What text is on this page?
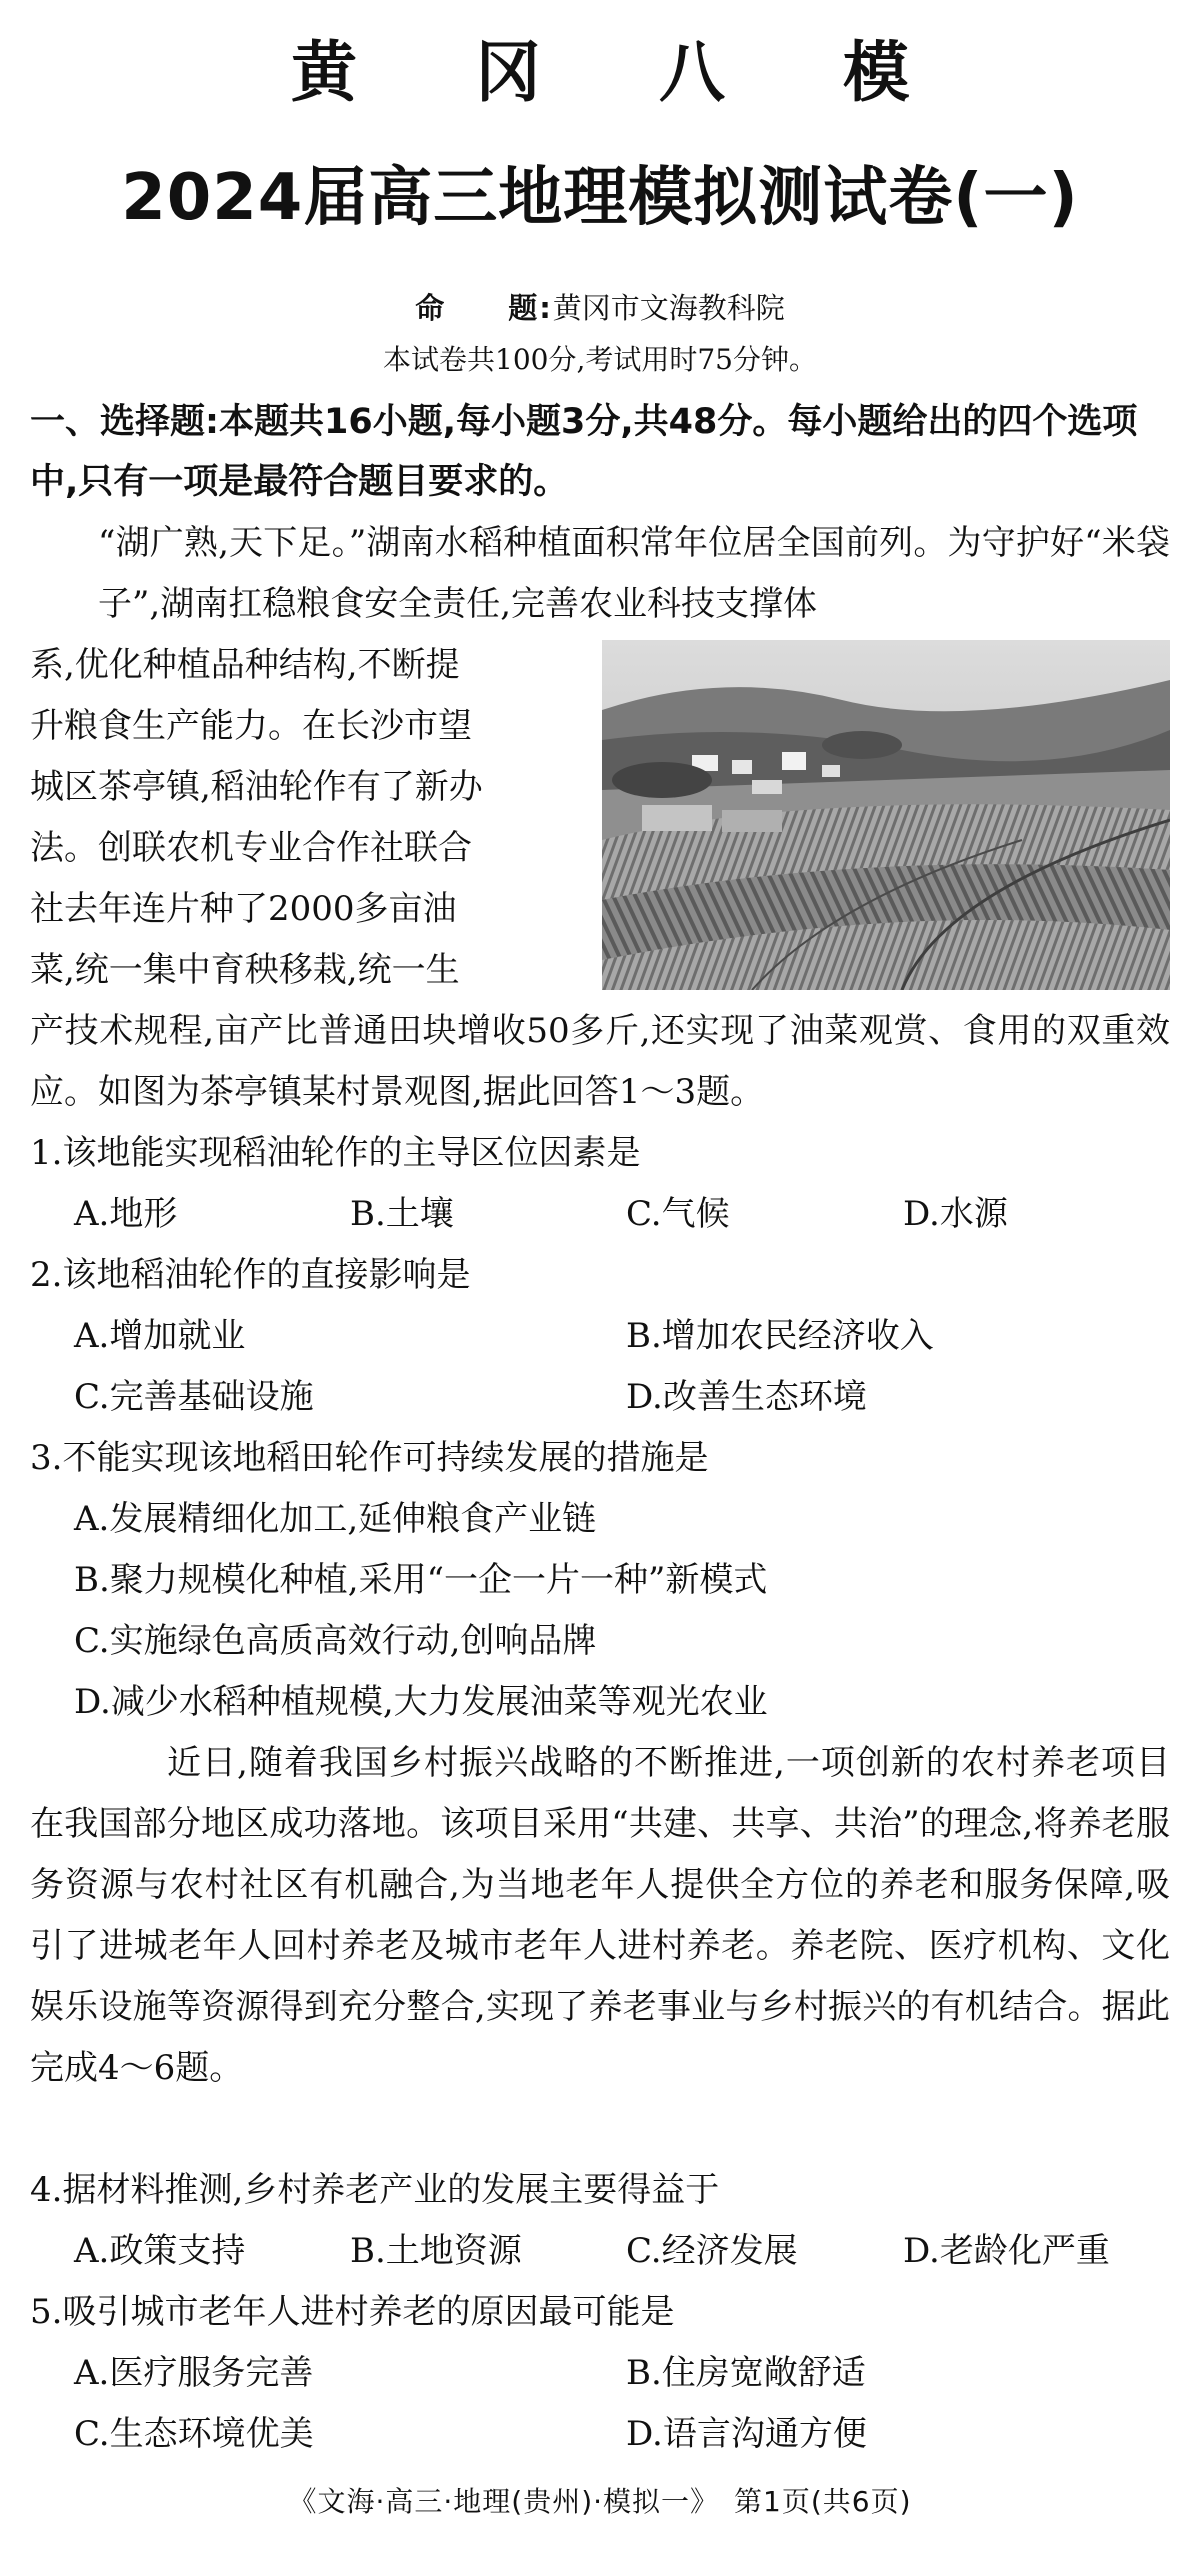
黄冈八模
2024届高三地理模拟测试卷(一)
命　　题:黄冈市文海教科院
本试卷共100分,考试用时75分钟。
一、选择题:本题共16小题,每小题3分,共48分。每小题给出的四个选项中,只有一项是最符合题目要求的。
“湖广熟,天下足。”湖南水稻种植面积常年位居全国前列。为守护好“米袋子”,湖南扛稳粮食安全责任,完善农业科技支撑体
系,优化种植品种结构,不断提
升粮食生产能力。在长沙市望
城区茶亭镇,稻油轮作有了新办
法。创联农机专业合作社联合
社去年连片种了2000多亩油
菜,统一集中育秧移栽,统一生
产技术规程,亩产比普通田块增收50多斤,还实现了油菜观赏、食用的双重效应。如图为茶亭镇某村景观图,据此回答1～3题。
1.该地能实现稻油轮作的主导区位因素是
A.地形	B.土壤	C.气候	D.水源
2.该地稻油轮作的直接影响是
A.增加就业	B.增加农民经济收入
C.完善基础设施	D.改善生态环境
3.不能实现该地稻田轮作可持续发展的措施是
A.发展精细化加工,延伸粮食产业链
B.聚力规模化种植,采用“一企一片一种”新模式
C.实施绿色高质高效行动,创响品牌
D.减少水稻种植规模,大力发展油菜等观光农业
近日,随着我国乡村振兴战略的不断推进,一项创新的农村养老项目在我国部分地区成功落地。该项目采用“共建、共享、共治”的理念,将养老服务资源与农村社区有机融合,为当地老年人提供全方位的养老和服务保障,吸引了进城老年人回村养老及城市老年人进村养老。养老院、医疗机构、文化娱乐设施等资源得到充分整合,实现了养老事业与乡村振兴的有机结合。据此完成4～6题。
4.据材料推测,乡村养老产业的发展主要得益于
A.政策支持	B.土地资源	C.经济发展	D.老龄化严重
5.吸引城市老年人进村养老的原因最可能是
A.医疗服务完善	B.住房宽敞舒适
C.生态环境优美	D.语言沟通方便
《文海·高三·地理(贵州)·模拟一》　第1页(共6页)
